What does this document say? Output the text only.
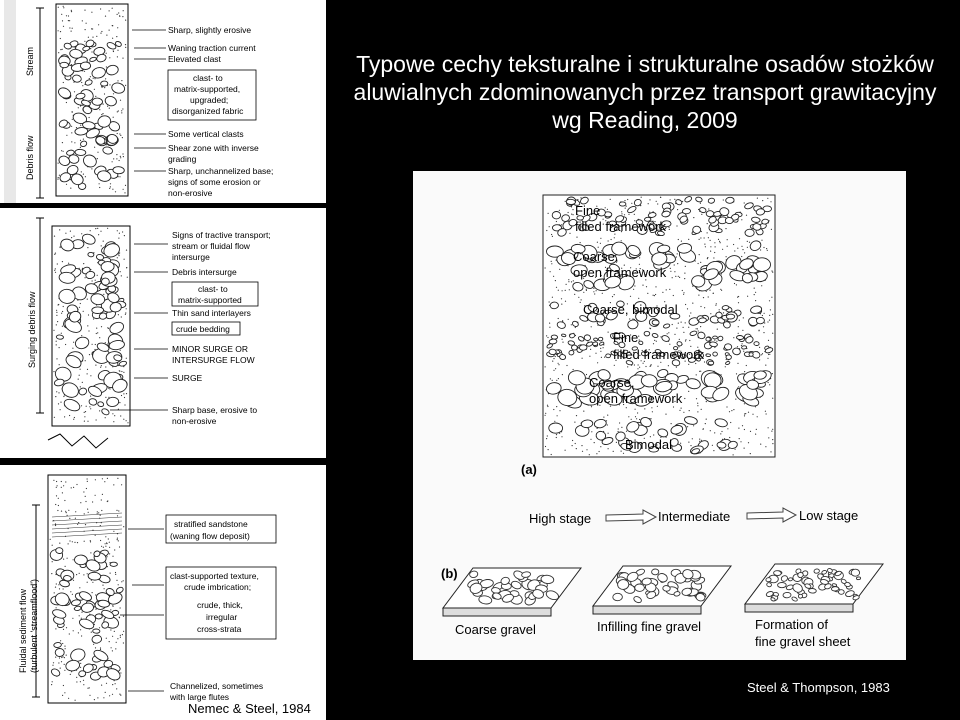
Typowe cechy teksturalne i strukturalne osadów stożków
aluwialnych zdominowanych przez transport grawitacyjny
wg Reading, 2009
Stream
Debris flow
Sharp, slightly erosive
Waning traction current
Elevated clast
clast- to
matrix-supported,
upgraded;
disorganized fabric
Some vertical clasts
Shear zone with inverse
grading
Sharp, unchannelized base;
signs of some erosion or
non-erosive
Surging debris flow
Signs of tractive transport;
stream or fluidal flow
intersurge
Debris intersurge
clast- to
matrix-supported
Thin sand interlayers
crude bedding
MINOR SURGE OR
INTERSURGE FLOW
SURGE
Sharp base, erosive to
non-erosive
Fluidal sediment flow (turbulent 'streamflood')
stratified sandstone
(waning flow deposit)
clast-supported texture,
crude imbrication;
crude, thick,
irregular
cross-strata
Channelized, sometimes
with large flutes
Nemec & Steel, 1984
Fine
filled framework
Coarse,
open framework
Coarse, bimodal
Fine
filled framework
Coarse,
open framework
Bimodal
(a)
High stage	Intermediate	Low stage
(b)
Coarse gravel	Infilling fine gravel	Formation of
fine gravel sheet
Steel & Thompson, 1983
